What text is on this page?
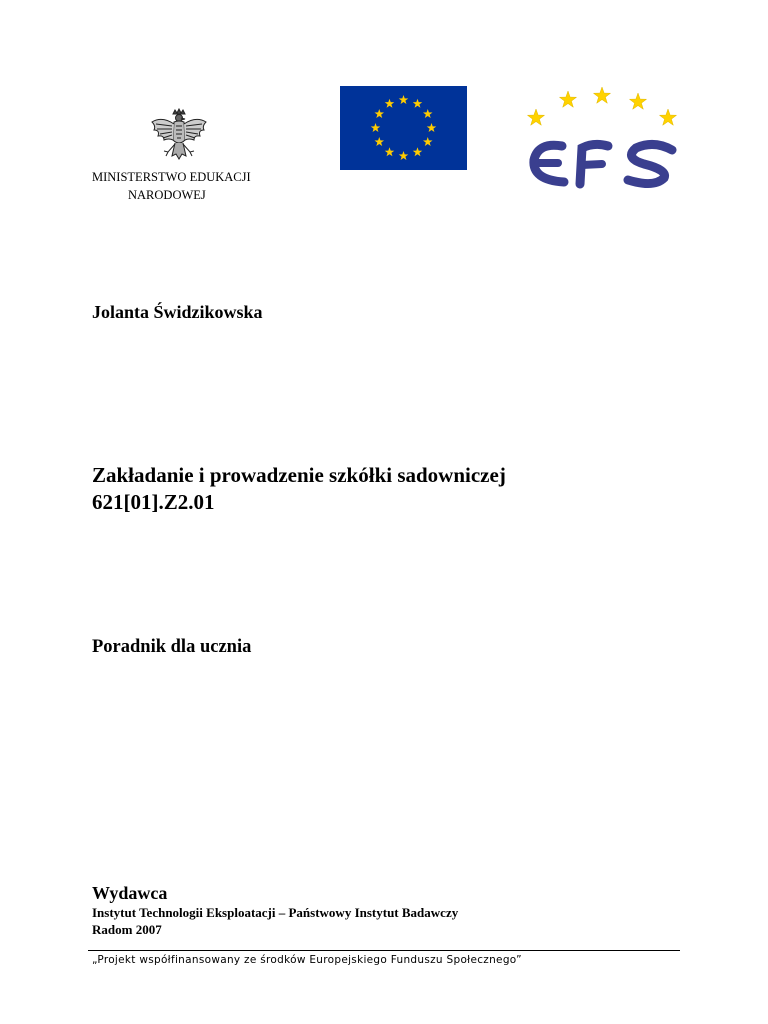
MINISTERSTWO EDUKACJI
NARODOWEJ
Jolanta Świdzikowska
Zakładanie i prowadzenie szkółki sadowniczej
621[01].Z2.01
Poradnik dla ucznia
Wydawca
Instytut Technologii Eksploatacji – Państwowy Instytut Badawczy
Radom 2007
„Projekt współfinansowany ze środków Europejskiego Funduszu Społecznego”
